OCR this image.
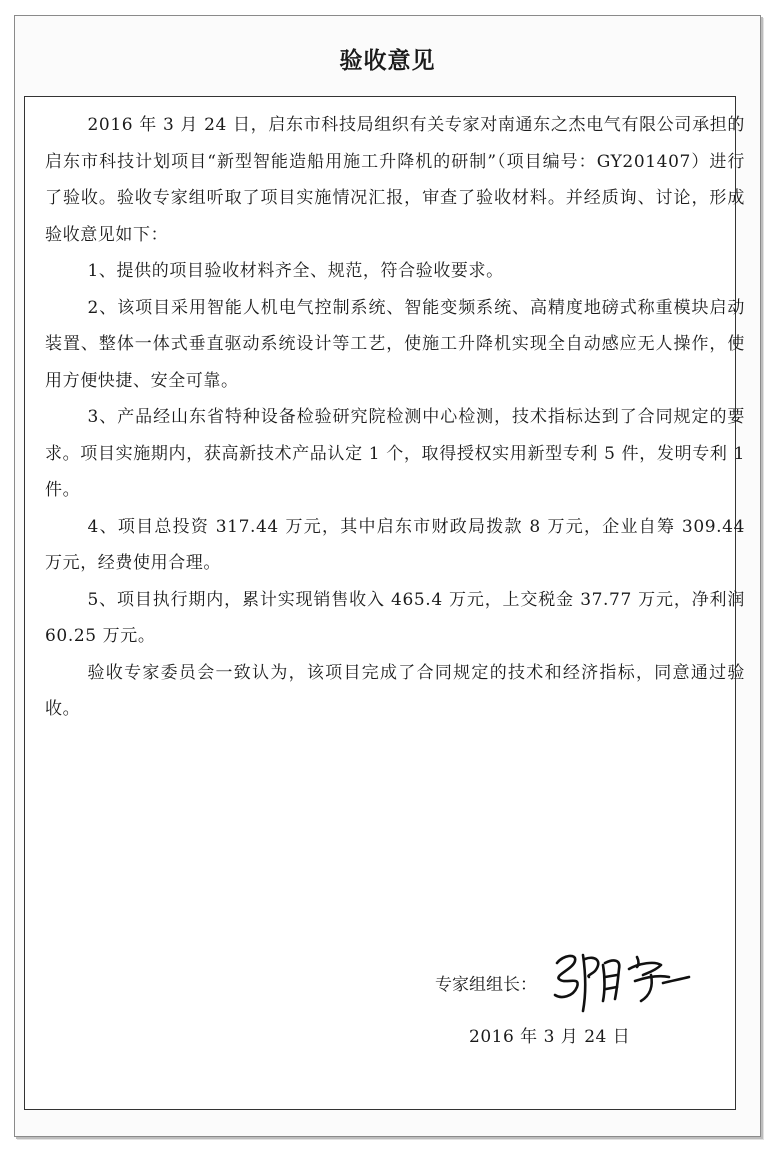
验收意见

2016 年 3 月 24 日，启东市科技局组织有关专家对南通东之杰电气有限公司承担的启东市科技计划项目“新型智能造船用施工升降机的研制”（项目编号：GY201407）进行了验收。验收专家组听取了项目实施情况汇报，审查了验收材料。并经质询、讨论，形成验收意见如下：

1、提供的项目验收材料齐全、规范，符合验收要求。

2、该项目采用智能人机电气控制系统、智能变频系统、高精度地磅式称重模块启动装置、整体一体式垂直驱动系统设计等工艺，使施工升降机实现全自动感应无人操作，使用方便快捷、安全可靠。

3、产品经山东省特种设备检验研究院检测中心检测，技术指标达到了合同规定的要求。项目实施期内，获高新技术产品认定 1 个，取得授权实用新型专利 5 件，发明专利 1 件。

4、项目总投资 317.44 万元，其中启东市财政局拨款 8 万元，企业自筹 309.44 万元，经费使用合理。

5、项目执行期内，累计实现销售收入 465.4 万元，上交税金 37.77 万元，净利润 60.25 万元。

验收专家委员会一致认为，该项目完成了合同规定的技术和经济指标，同意通过验收。

专家组组长：
2016 年 3 月 24 日
